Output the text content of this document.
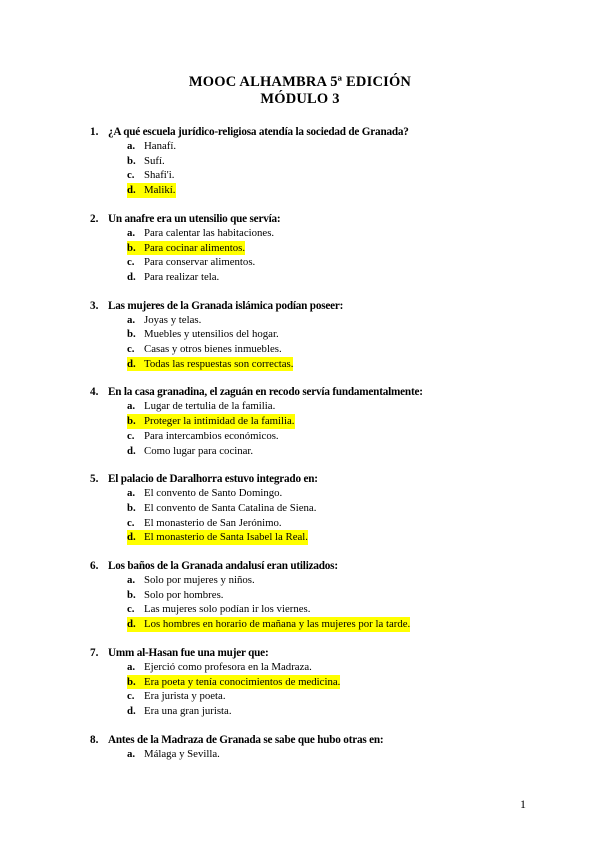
MOOC ALHAMBRA 5ª EDICIÓN
MÓDULO 3
1. ¿A qué escuela jurídico-religiosa atendía la sociedad de Granada?
a. Hanafí.
b. Sufí.
c. Shafi'i.
d. Malikí.
2. Un anafre era un utensilio que servía:
a. Para calentar las habitaciones.
b. Para cocinar alimentos.
c. Para conservar alimentos.
d. Para realizar tela.
3. Las mujeres de la Granada islámica podían poseer:
a. Joyas y telas.
b. Muebles y utensilios del hogar.
c. Casas y otros bienes inmuebles.
d. Todas las respuestas son correctas.
4. En la casa granadina, el zaguán en recodo servía fundamentalmente:
a. Lugar de tertulia de la familia.
b. Proteger la intimidad de la familia.
c. Para intercambios económicos.
d. Como lugar para cocinar.
5. El palacio de Daralhorra estuvo integrado en:
a. El convento de Santo Domingo.
b. El convento de Santa Catalina de Siena.
c. El monasterio de San Jerónimo.
d. El monasterio de Santa Isabel la Real.
6. Los baños de la Granada andalusí eran utilizados:
a. Solo por mujeres y niños.
b. Solo por hombres.
c. Las mujeres solo podían ir los viernes.
d. Los hombres en horario de mañana y las mujeres por la tarde.
7. Umm al-Hasan fue una mujer que:
a. Ejerció como profesora en la Madraza.
b. Era poeta y tenía conocimientos de medicina.
c. Era jurista y poeta.
d. Era una gran jurista.
8. Antes de la Madraza de Granada se sabe que hubo otras en:
a. Málaga y Sevilla.
1
